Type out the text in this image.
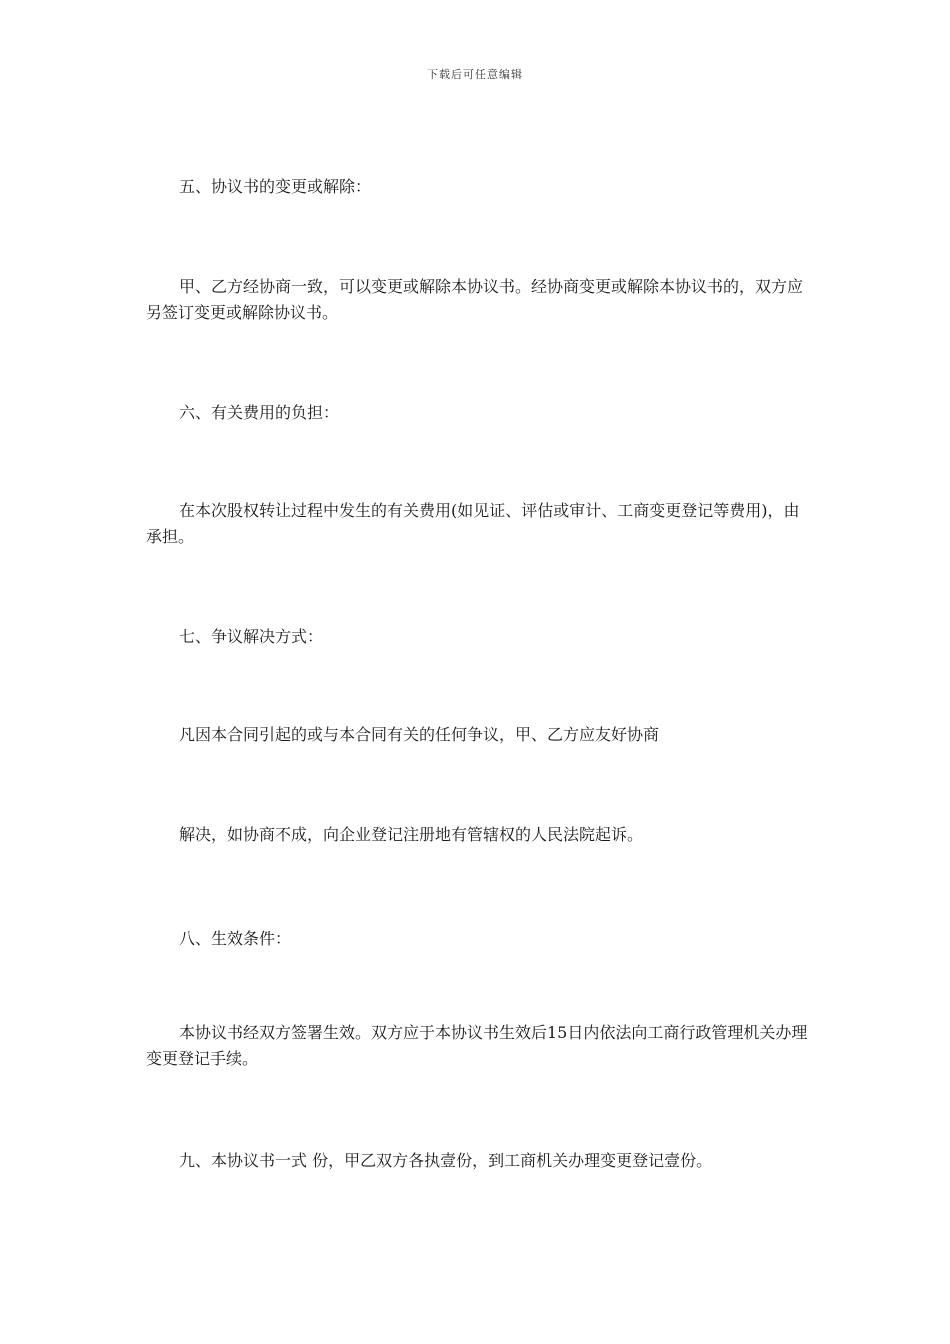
下载后可任意编辑

五、协议书的变更或解除：

甲、乙方经协商一致，可以变更或解除本协议书。经协商变更或解除本协议书的，双方应另签订变更或解除协议书。

六、有关费用的负担：

在本次股权转让过程中发生的有关费用(如见证、评估或审计、工商变更登记等费用)，由 承担。

七、争议解决方式：

凡因本合同引起的或与本合同有关的任何争议，甲、乙方应友好协商

解决，如协商不成，向企业登记注册地有管辖权的人民法院起诉。

八、生效条件：

本协议书经双方签署生效。双方应于本协议书生效后15日内依法向工商行政管理机关办理变更登记手续。

九、本协议书一式 份，甲乙双方各执壹份，到工商机关办理变更登记壹份。
